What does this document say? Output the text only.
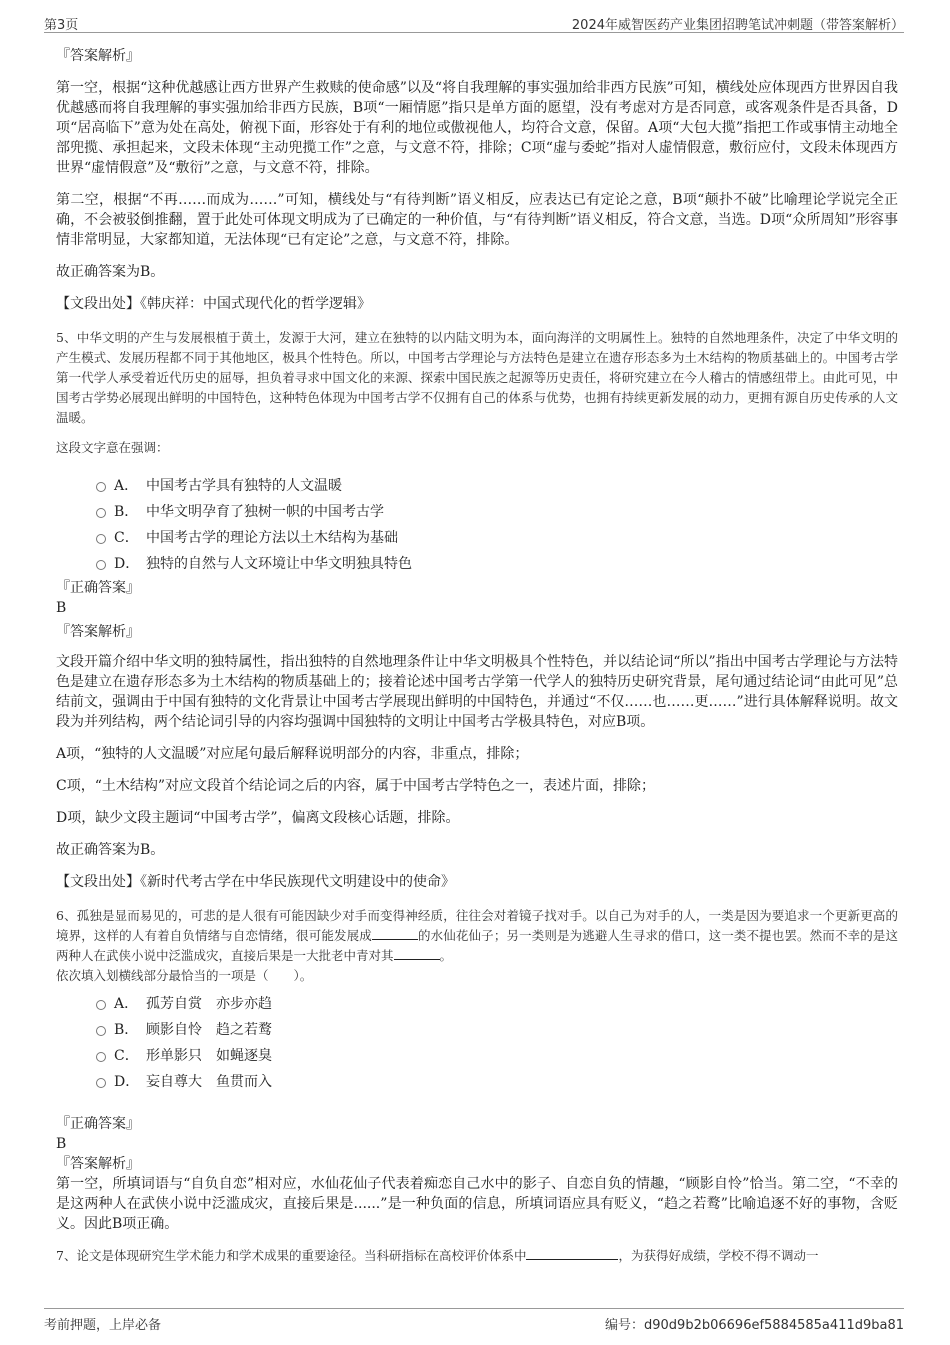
第3页	2024年威智医药产业集团招聘笔试冲刺题（带答案解析）
『答案解析』
第一空，根据“这种优越感让西方世界产生救赎的使命感”以及“将自我理解的事实强加给非西方民族”可知，横线处应体现西方世界因自我优越感而将自我理解的事实强加给非西方民族，B项“一厢情愿”指只是单方面的愿望，没有考虑对方是否同意，或客观条件是否具备，D项“居高临下”意为处在高处，俯视下面，形容处于有利的地位或傲视他人，均符合文意，保留。A项“大包大揽”指把工作或事情主动地全部兜揽、承担起来，文段未体现“主动兜揽工作”之意，与文意不符，排除；C项“虚与委蛇”指对人虚情假意，敷衍应付，文段未体现西方世界“虚情假意”及“敷衍”之意，与文意不符，排除。
第二空，根据“不再……而成为……”可知，横线处与“有待判断”语义相反，应表达已有定论之意，B项“颠扑不破”比喻理论学说完全正确，不会被驳倒推翻，置于此处可体现文明成为了已确定的一种价值，与“有待判断”语义相反，符合文意，当选。D项“众所周知”形容事情非常明显，大家都知道，无法体现“已有定论”之意，与文意不符，排除。
故正确答案为B。
【文段出处】《韩庆祥：中国式现代化的哲学逻辑》
5、中华文明的产生与发展根植于黄土，发源于大河，建立在独特的以内陆文明为本，面向海洋的文明属性上。独特的自然地理条件，决定了中华文明的产生模式、发展历程都不同于其他地区，极具个性特色。所以，中国考古学理论与方法特色是建立在遗存形态多为土木结构的物质基础上的。中国考古学第一代学人承受着近代历史的屈辱，担负着寻求中国文化的来源、探索中国民族之起源等历史责任，将研究建立在今人稽古的情感纽带上。由此可见，中国考古学势必展现出鲜明的中国特色，这种特色体现为中国考古学不仅拥有自己的体系与优势，也拥有持续更新发展的动力，更拥有源自历史传承的人文温暖。
这段文字意在强调：
A． 中国考古学具有独特的人文温暖
B． 中华文明孕育了独树一帜的中国考古学
C． 中国考古学的理论方法以土木结构为基础
D． 独特的自然与人文环境让中华文明独具特色
『正确答案』
B
『答案解析』
文段开篇介绍中华文明的独特属性，指出独特的自然地理条件让中华文明极具个性特色，并以结论词“所以”指出中国考古学理论与方法特色是建立在遗存形态多为土木结构的物质基础上的；接着论述中国考古学第一代学人的独特历史研究背景，尾句通过结论词“由此可见”总结前文，强调由于中国有独特的文化背景让中国考古学展现出鲜明的中国特色，并通过“不仅……也……更……”进行具体解释说明。故文段为并列结构，两个结论词引导的内容均强调中国独特的文明让中国考古学极具特色，对应B项。
A项，“独特的人文温暖”对应尾句最后解释说明部分的内容，非重点，排除；
C项，“土木结构”对应文段首个结论词之后的内容，属于中国考古学特色之一，表述片面，排除；
D项，缺少文段主题词“中国考古学”，偏离文段核心话题，排除。
故正确答案为B。
【文段出处】《新时代考古学在中华民族现代文明建设中的使命》
6、孤独是显而易见的，可悲的是人很有可能因缺少对手而变得神经质，往往会对着镜子找对手。以自己为对手的人，一类是因为要追求一个更新更高的境界，这样的人有着自负情绪与自恋情绪，很可能发展成	的水仙花仙子；另一类则是为逃避人生寻求的借口，这一类不提也罢。然而不幸的是这两种人在武侠小说中泛滥成灾，直接后果是一大批老中青对其	。
依次填入划横线部分最恰当的一项是（　　）。
A． 孤芳自赏　亦步亦趋
B． 顾影自怜　趋之若鹜
C． 形单影只　如蝇逐臭
D． 妄自尊大　鱼贯而入
『正确答案』
B
『答案解析』
第一空，所填词语与“自负自恋”相对应，水仙花仙子代表着痴恋自己水中的影子、自恋自负的情趣，“顾影自怜”恰当。第二空，“不幸的是这两种人在武侠小说中泛滥成灾，直接后果是......”是一种负面的信息，所填词语应具有贬义，“趋之若鹜”比喻追逐不好的事物，含贬义。因此B项正确。
7、论文是体现研究生学术能力和学术成果的重要途径。当科研指标在高校评价体系中	，为获得好成绩，学校不得不调动一
考前押题，上岸必备	编号：d90d9b2b06696ef5884585a411d9ba81
